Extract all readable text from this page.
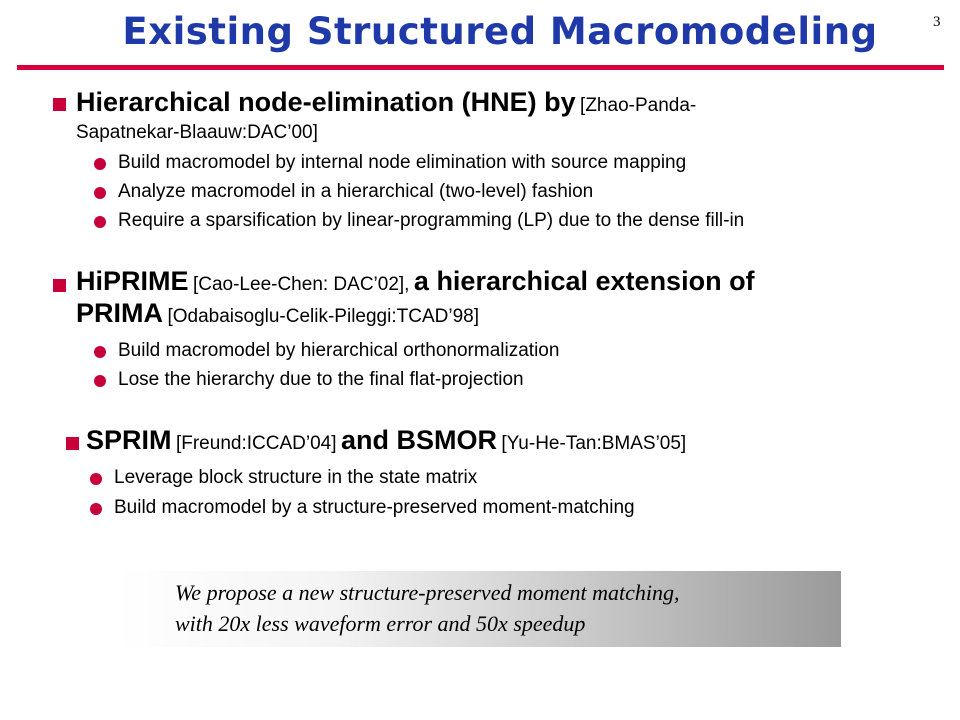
3
Existing Structured Macromodeling
Hierarchical node-elimination (HNE) by [Zhao-Panda-
Sapatnekar-Blaauw:DAC’00]
Build macromodel by internal node elimination with source mapping
Analyze macromodel in a hierarchical (two-level) fashion
Require a sparsification by linear-programming (LP) due to the dense fill-in
HiPRIME [Cao-Lee-Chen: DAC’02], a hierarchical extension of
PRIMA [Odabaisoglu-Celik-Pileggi:TCAD’98]
Build macromodel by hierarchical orthonormalization
Lose the hierarchy due to the final flat-projection
SPRIM [Freund:ICCAD’04] and BSMOR [Yu-He-Tan:BMAS’05]
Leverage block structure in the state matrix
Build macromodel by a structure-preserved moment-matching
We propose a new structure-preserved moment matching,
with 20x less waveform error and 50x speedup
